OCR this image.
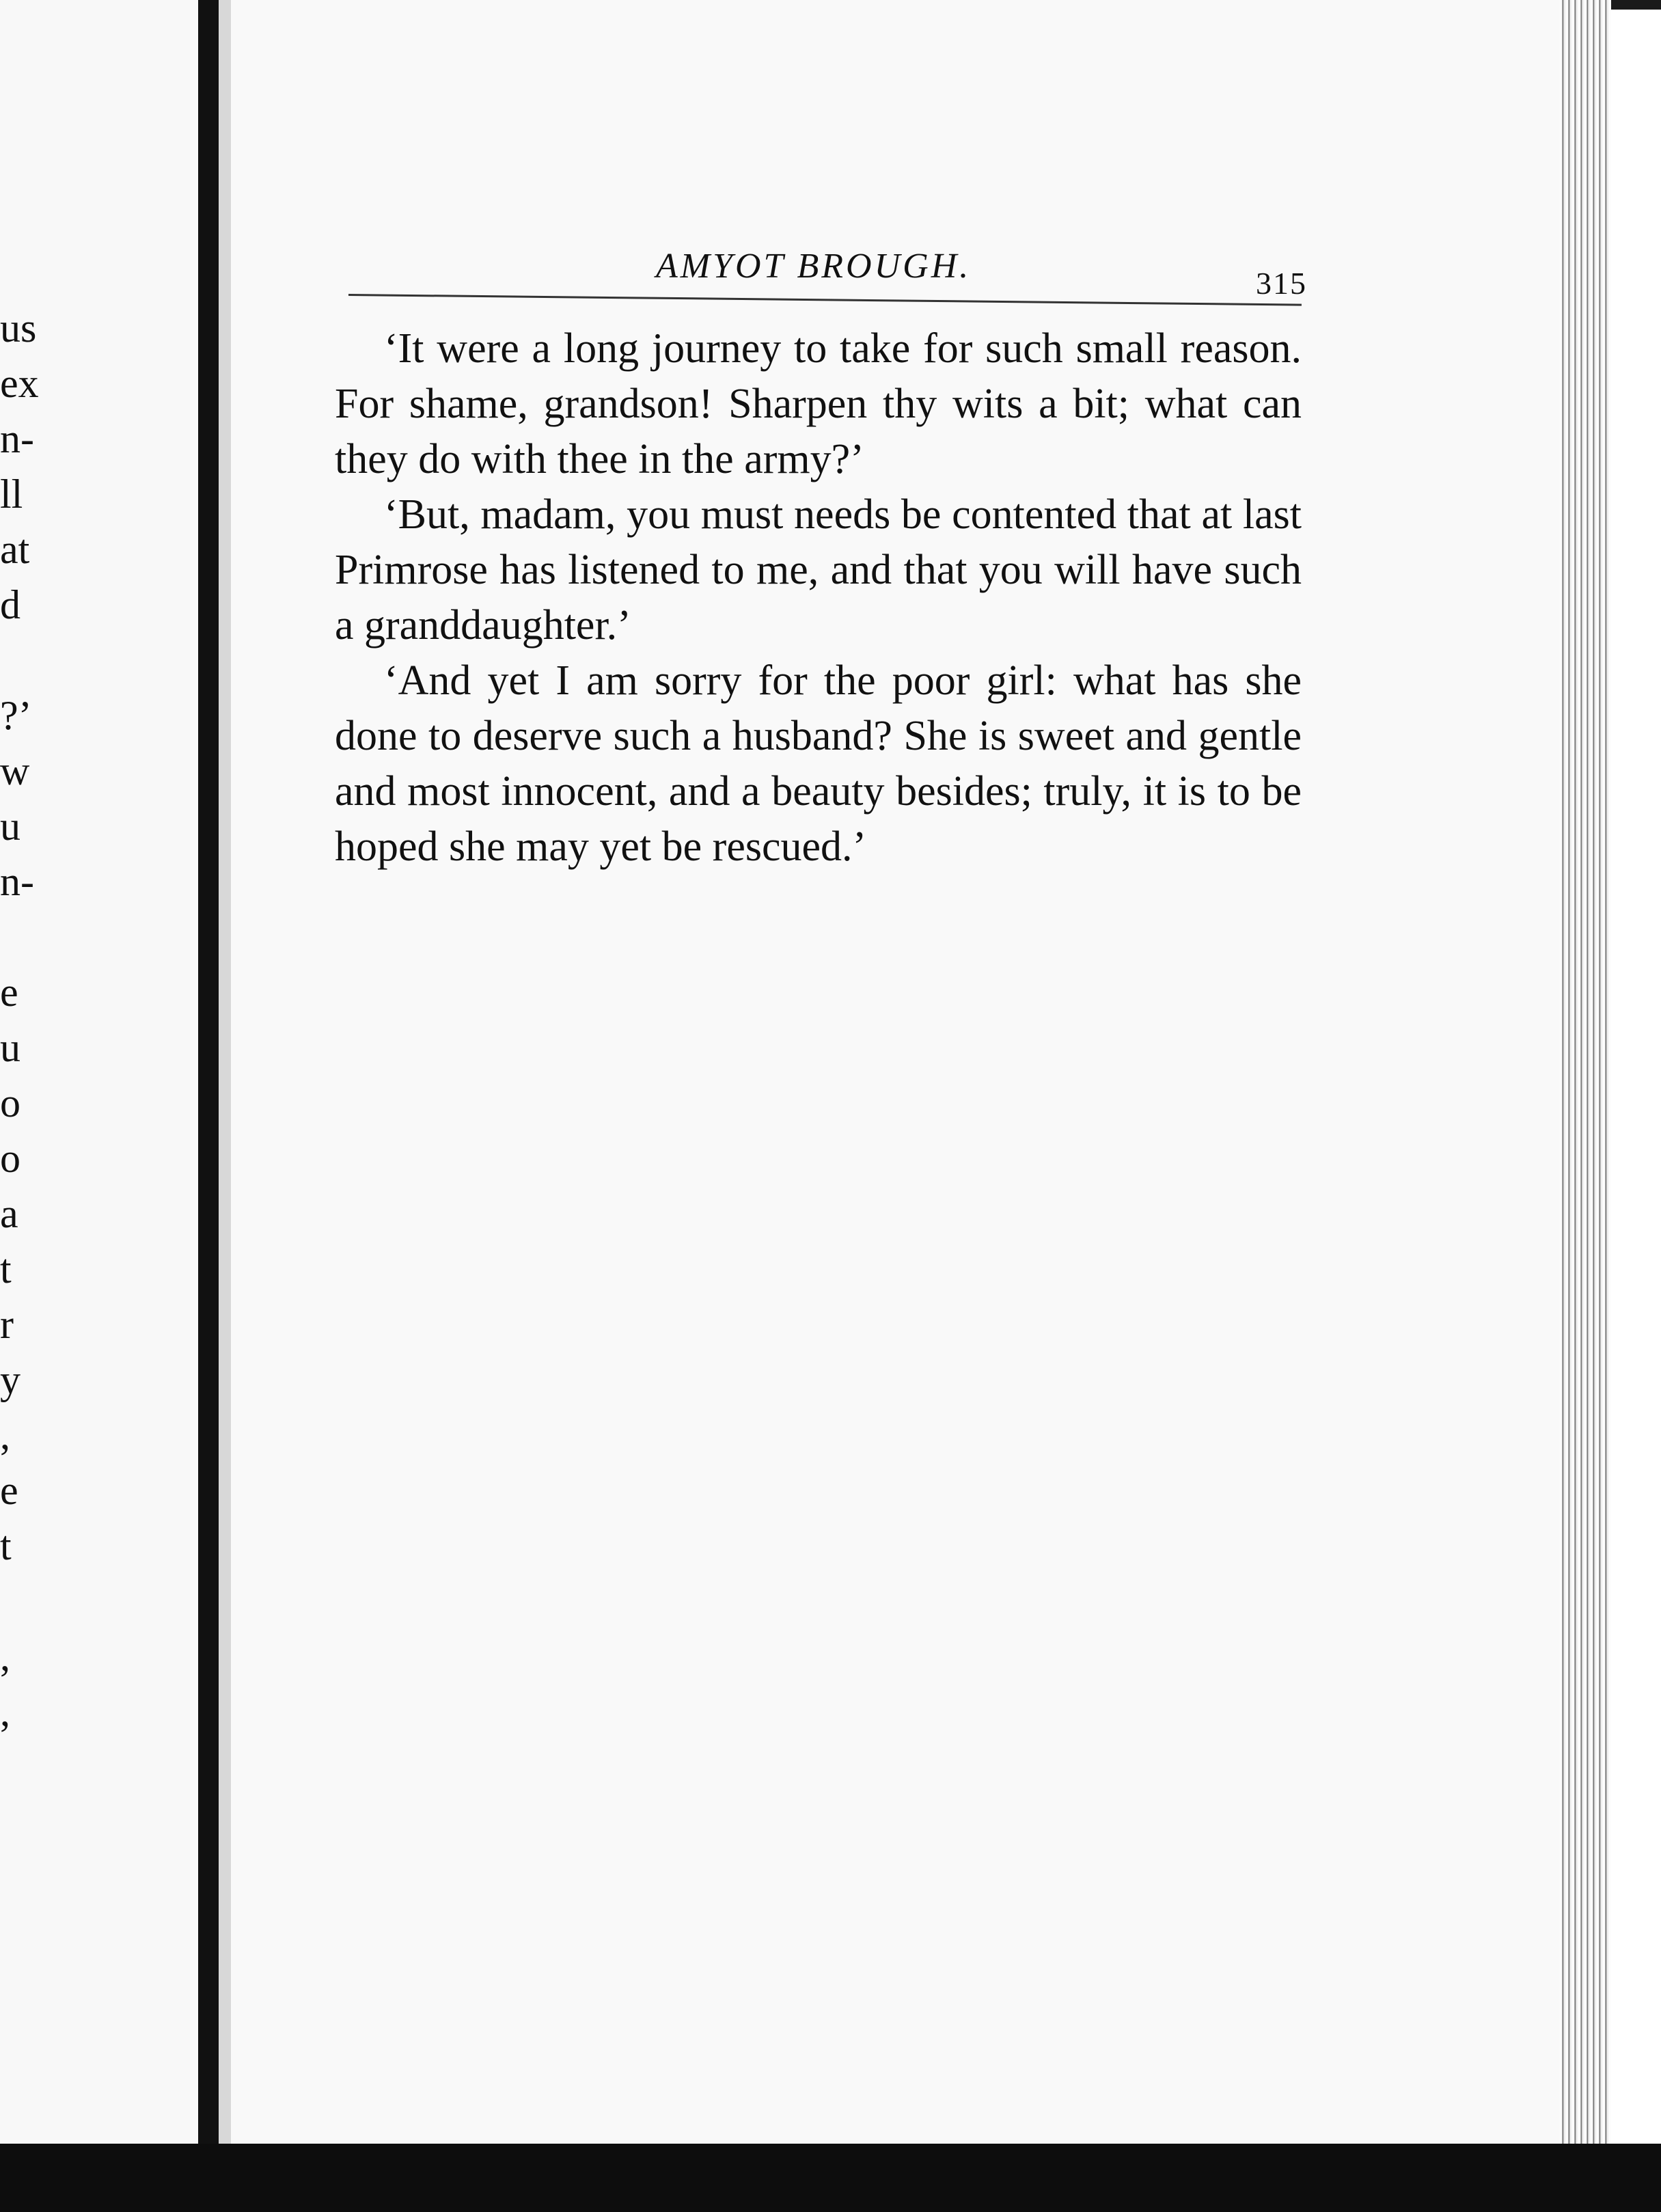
us
ex
n-
ll
at
d
?’
w
u
n-
e
u
o
o
a
t
r
y
,
e
t
,
,
AMYOT BROUGH.	315

‘It were a long journey to take for such small reason. For shame, grandson! Sharpen thy wits a bit; what can they do with thee in the army?’

‘But, madam, you must needs be contented that at last Primrose has listened to me, and that you will have such a granddaughter.’

‘And yet I am sorry for the poor girl: what has she done to deserve such a husband? She is sweet and gentle and most innocent, and a beauty besides; truly, it is to be hoped she may yet be rescued.’
